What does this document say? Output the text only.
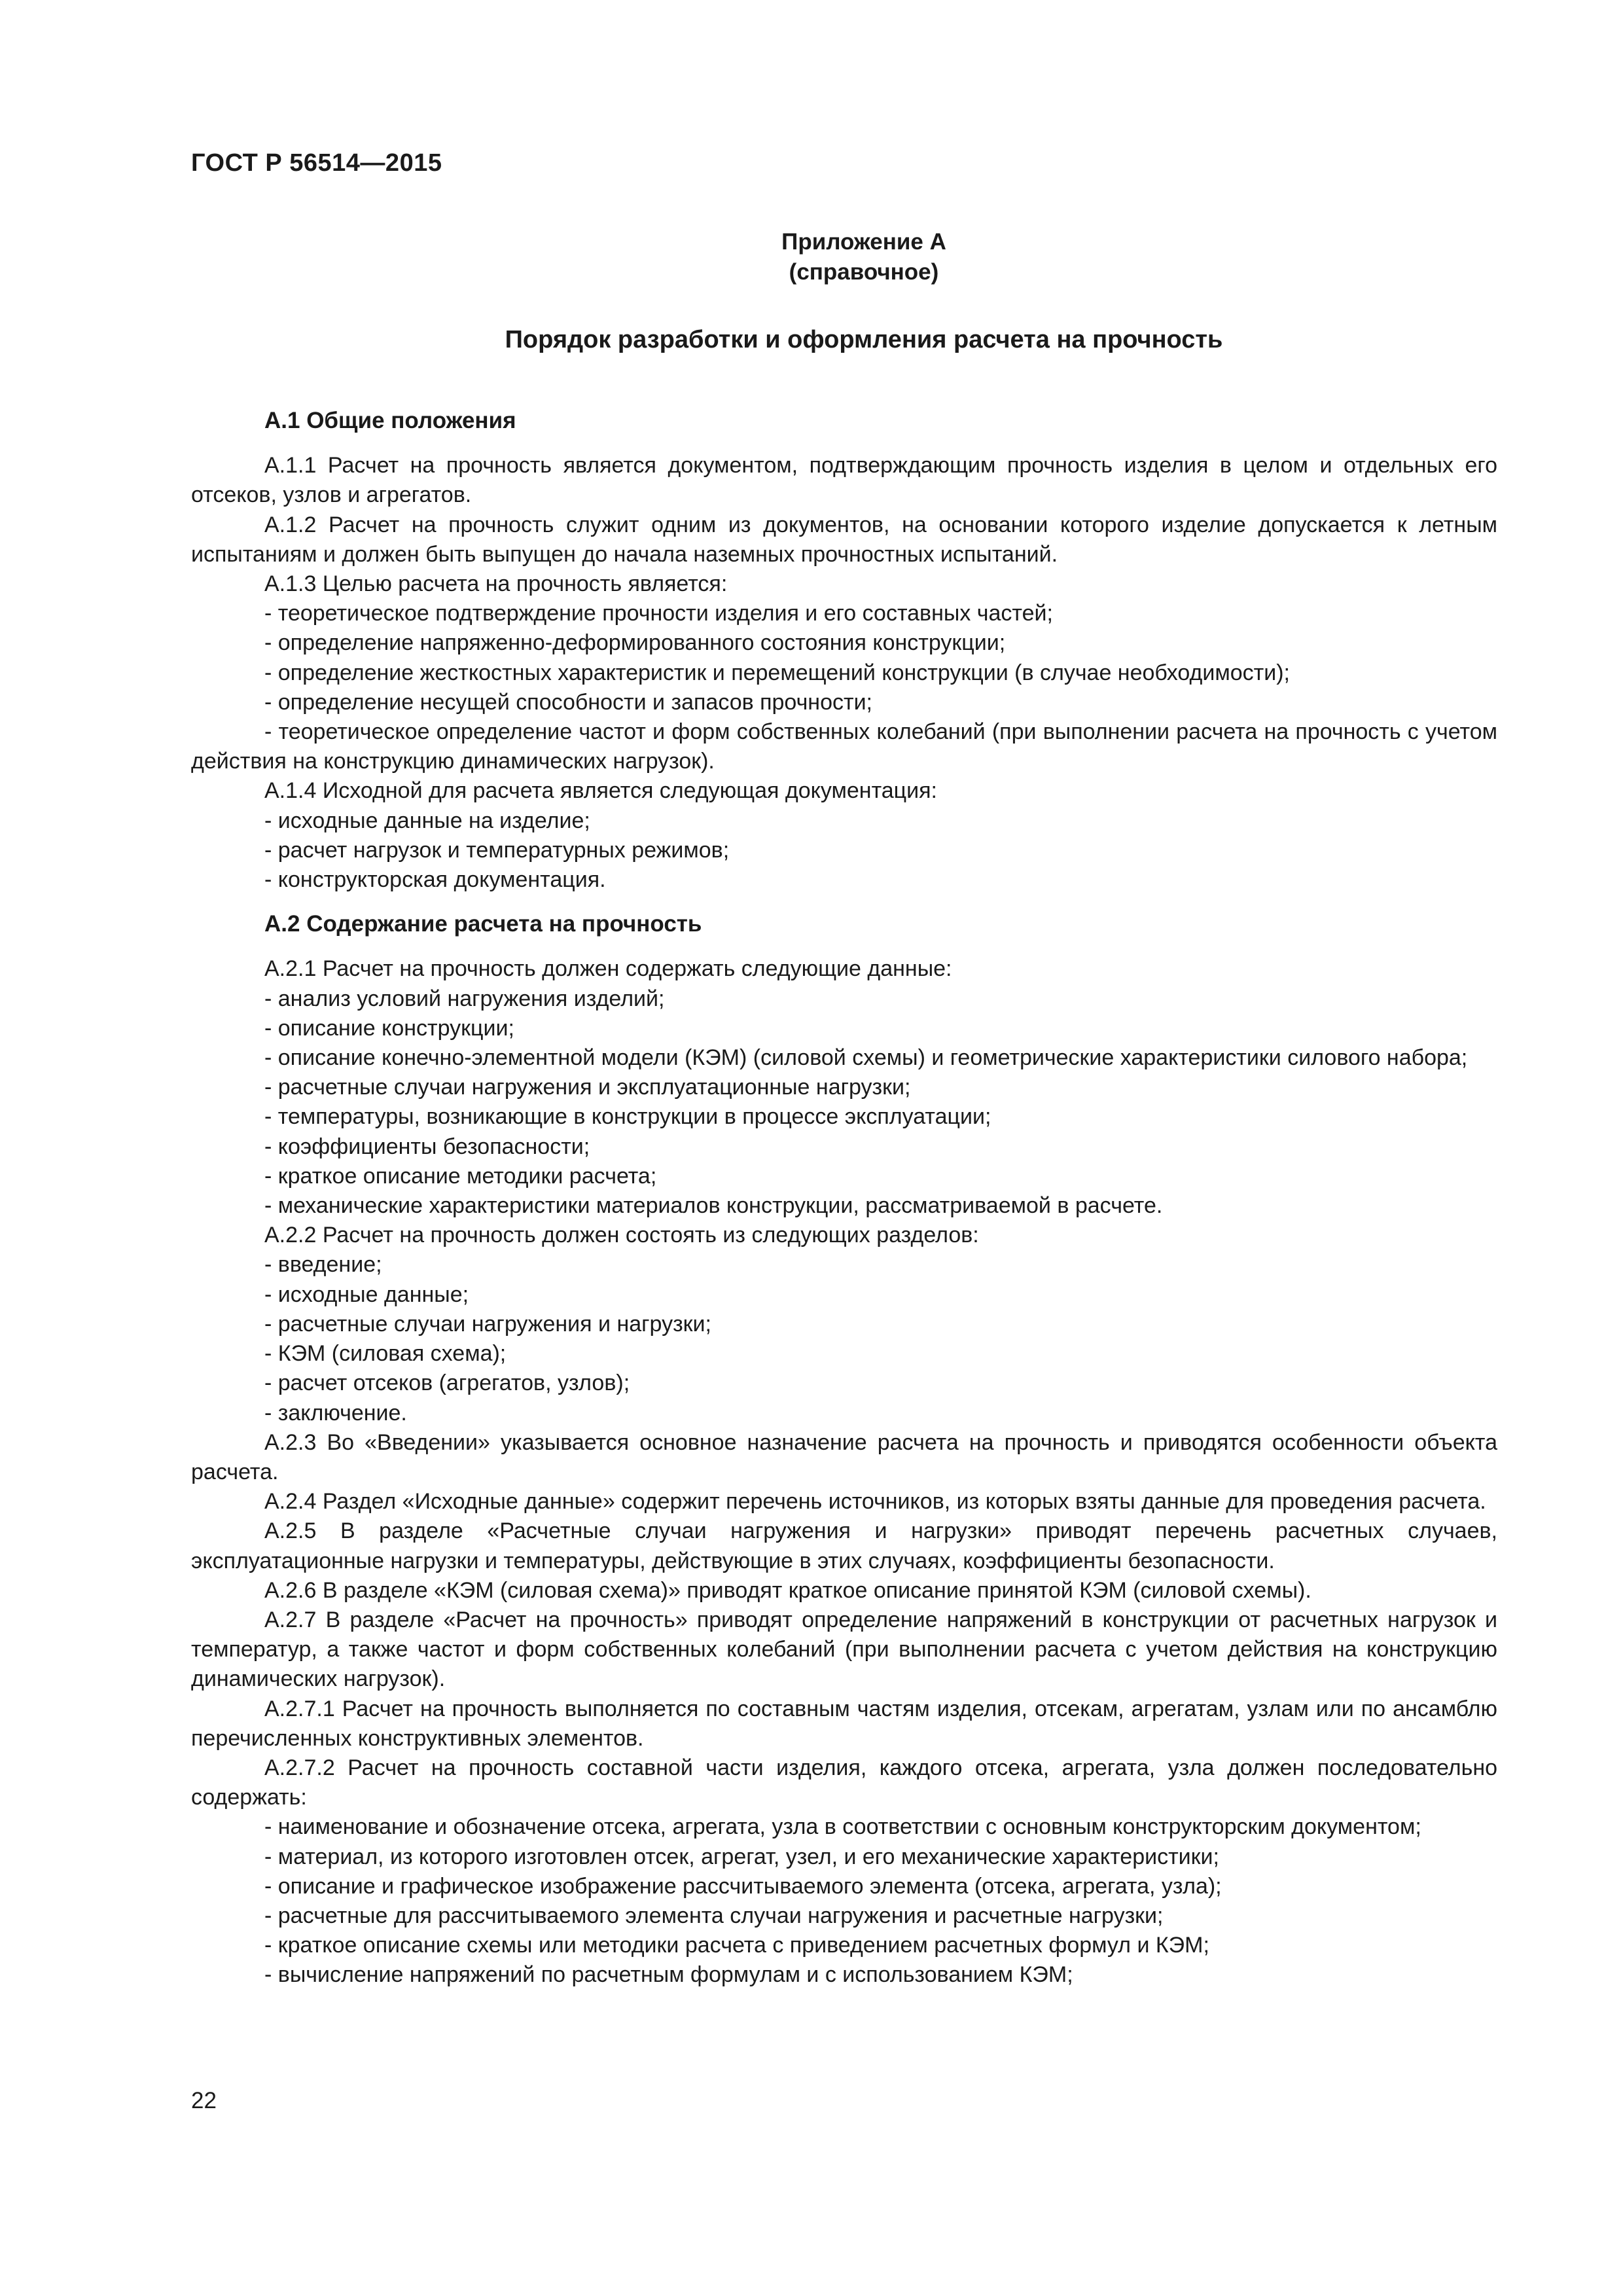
ГОСТ Р 56514—2015
Приложение А
(справочное)
Порядок разработки и оформления расчета на прочность

А.1 Общие положения

А.1.1 Расчет на прочность является документом, подтверждающим прочность изделия в целом и отдельных его отсеков, узлов и агрегатов.

А.1.2 Расчет на прочность служит одним из документов, на основании которого изделие допускается к летным испытаниям и должен быть выпущен до начала наземных прочностных испытаний.

А.1.3 Целью расчета на прочность является:

- теоретическое подтверждение прочности изделия и его составных частей;

- определение напряженно-деформированного состояния конструкции;

- определение жесткостных характеристик и перемещений конструкции (в случае необходимости);

- определение несущей способности и запасов прочности;

- теоретическое определение частот и форм собственных колебаний (при выполнении расчета на прочность с учетом действия на конструкцию динамических нагрузок).

А.1.4 Исходной для расчета является следующая документация:

- исходные данные на изделие;

- расчет нагрузок и температурных режимов;

- конструкторская документация.

А.2 Содержание расчета на прочность

А.2.1 Расчет на прочность должен содержать следующие данные:

- анализ условий нагружения изделий;

- описание конструкции;

- описание конечно-элементной модели (КЭМ) (силовой схемы) и геометрические характеристики силового набора;

- расчетные случаи нагружения и эксплуатационные нагрузки;

- температуры, возникающие в конструкции в процессе эксплуатации;

- коэффициенты безопасности;

- краткое описание методики расчета;

- механические характеристики материалов конструкции, рассматриваемой в расчете.

А.2.2 Расчет на прочность должен состоять из следующих разделов:

- введение;

- исходные данные;

- расчетные случаи нагружения и нагрузки;

- КЭМ (силовая схема);

- расчет отсеков (агрегатов, узлов);

- заключение.

А.2.3 Во «Введении» указывается основное назначение расчета на прочность и приводятся особенности объекта расчета.

А.2.4 Раздел «Исходные данные» содержит перечень источников, из которых взяты данные для проведения расчета.

А.2.5 В разделе «Расчетные случаи нагружения и нагрузки» приводят перечень расчетных случаев, эксплуатационные нагрузки и температуры, действующие в этих случаях, коэффициенты безопасности.

А.2.6 В разделе «КЭМ (силовая схема)» приводят краткое описание принятой КЭМ (силовой схемы).

А.2.7 В разделе «Расчет на прочность» приводят определение напряжений в конструкции от расчетных нагрузок и температур, а также частот и форм собственных колебаний (при выполнении расчета с учетом действия на конструкцию динамических нагрузок).

А.2.7.1 Расчет на прочность выполняется по составным частям изделия, отсекам, агрегатам, узлам или по ансамблю перечисленных конструктивных элементов.

А.2.7.2 Расчет на прочность составной части изделия, каждого отсека, агрегата, узла должен последовательно содержать:

- наименование и обозначение отсека, агрегата, узла в соответствии с основным конструкторским документом;

- материал, из которого изготовлен отсек, агрегат, узел, и его механические характеристики;

- описание и графическое изображение рассчитываемого элемента (отсека, агрегата, узла);

- расчетные для рассчитываемого элемента случаи нагружения и расчетные нагрузки;

- краткое описание схемы или методики расчета с приведением расчетных формул и КЭМ;

- вычисление напряжений по расчетным формулам и с использованием КЭМ;

22
